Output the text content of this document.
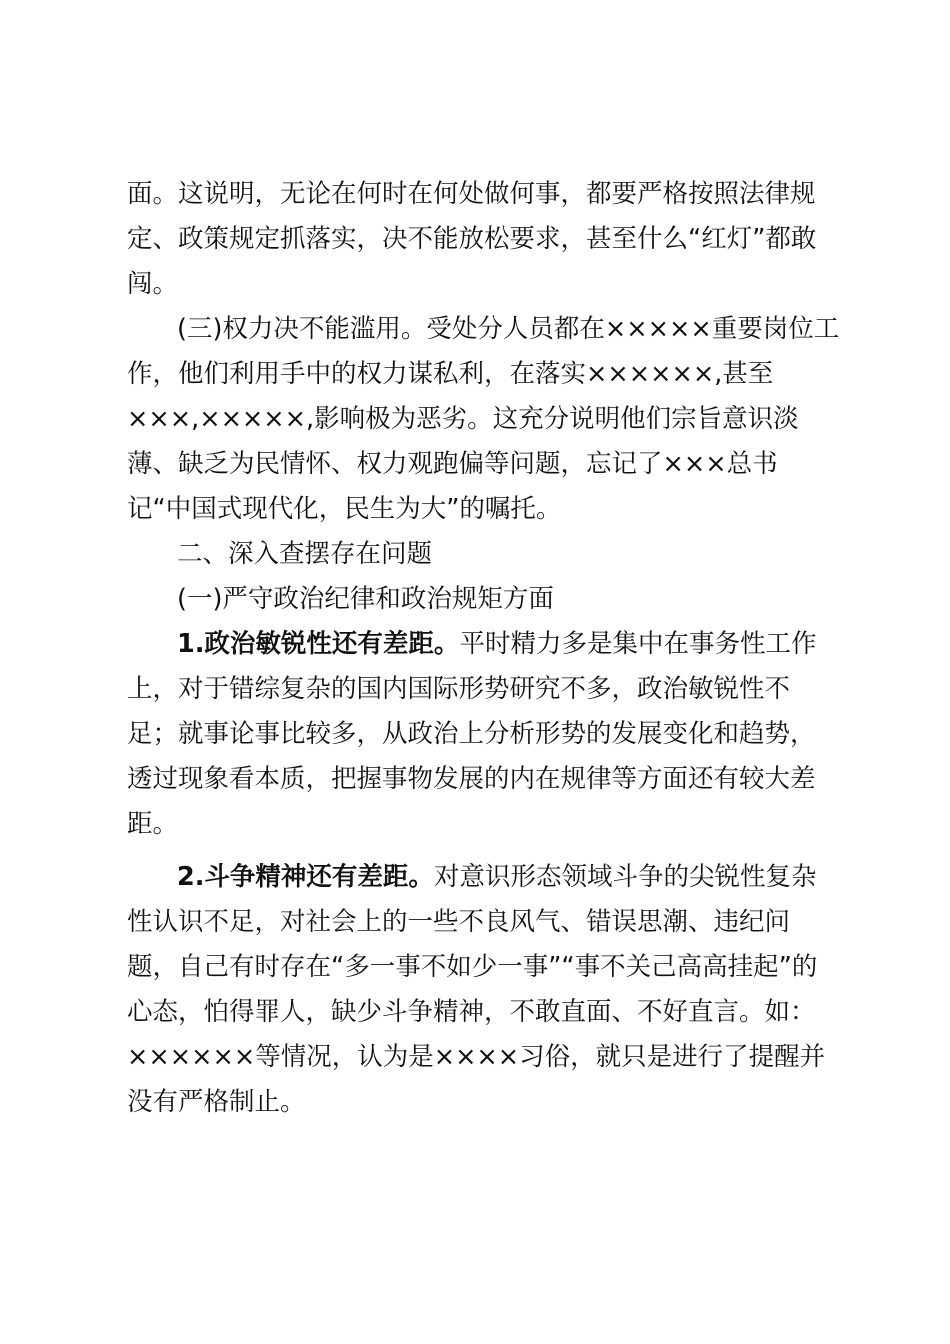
面。这说明，无论在何时在何处做何事，都要严格按照法律规
定、政策规定抓落实，决不能放松要求，甚至什么“红灯”都敢
闯。
(三)权力决不能滥用。受处分人员都在×××××重要岗位工
作，他们利用手中的权力谋私利，在落实××××××,甚至
×××,×××××,影响极为恶劣。这充分说明他们宗旨意识淡
薄、缺乏为民情怀、权力观跑偏等问题，忘记了×××总书
记“中国式现代化，民生为大”的嘱托。
二、深入查摆存在问题
(一)严守政治纪律和政治规矩方面
1.政治敏锐性还有差距。平时精力多是集中在事务性工作
上，对于错综复杂的国内国际形势研究不多，政治敏锐性不
足；就事论事比较多，从政治上分析形势的发展变化和趋势，
透过现象看本质，把握事物发展的内在规律等方面还有较大差
距。
2.斗争精神还有差距。对意识形态领域斗争的尖锐性复杂
性认识不足，对社会上的一些不良风气、错误思潮、违纪问
题，自己有时存在“多一事不如少一事”“事不关己高高挂起”的
心态，怕得罪人，缺少斗争精神，不敢直面、不好直言。如：
××××××等情况，认为是××××习俗，就只是进行了提醒并
没有严格制止。
